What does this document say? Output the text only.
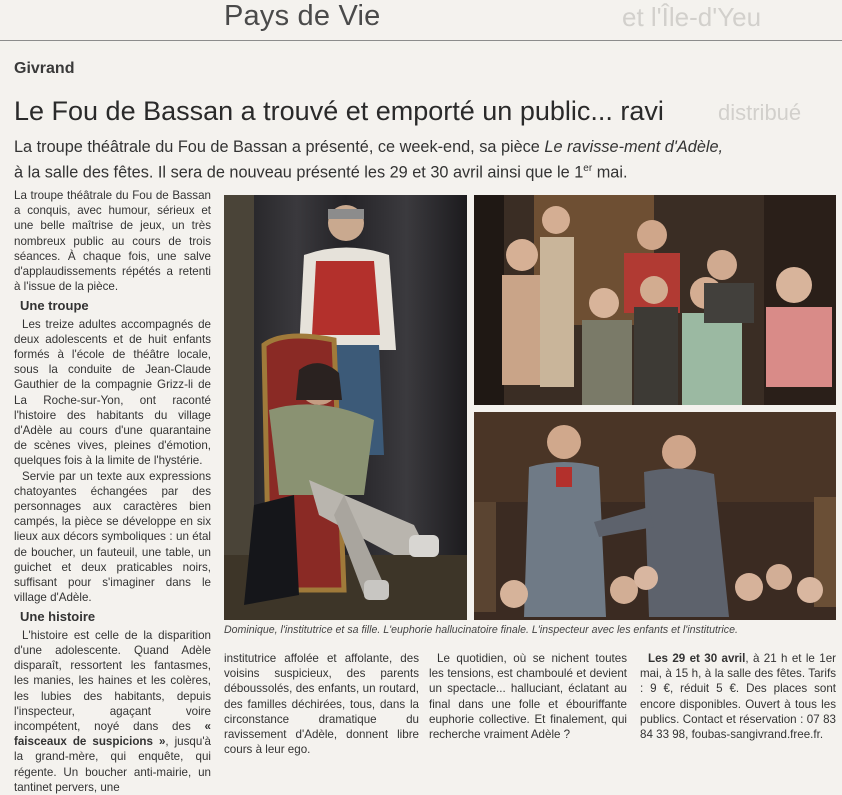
et l'Île-d'Yeu
distribué
Pays de Vie
Givrand
Le Fou de Bassan a trouvé et emporté un public... ravi
La troupe théâtrale du Fou de Bassan a présenté, ce week-end, sa pièce Le ravisse-ment d'Adèle, à la salle des fêtes. Il sera de nouveau présenté les 29 et 30 avril ainsi que le 1er mai.

La troupe théâtrale du Fou de Bassan a conquis, avec humour, sérieux et une belle maîtrise de jeux, un très nombreux public au cours de trois séances. À chaque fois, une salve d'applaudissements répétés a retenti à l'issue de la pièce.

Une troupe

Les treize adultes accompagnés de deux adolescents et de huit enfants formés à l'école de théâtre locale, sous la conduite de Jean-Claude Gauthier de la compagnie Grizz-li de La Roche-sur-Yon, ont raconté l'histoire des habitants du village d'Adèle au cours d'une quarantaine de scènes vives, pleines d'émotion, quelques fois à la limite de l'hystérie.

Servie par un texte aux expressions chatoyantes échangées par des personnages aux caractères bien campés, la pièce se développe en six lieux aux décors symboliques : un étal de boucher, un fauteuil, une table, un guichet et deux praticables noirs, suffisant pour s'imaginer dans le village d'Adèle.

Une histoire

L'histoire est celle de la disparition d'une adolescente. Quand Adèle disparaît, ressortent les fantasmes, les manies, les haines et les colères, les lubies des habitants, depuis l'inspecteur, agaçant voire incompétent, noyé dans des « faisceaux de suspicions », jusqu'à la grand-mère, qui enquête, qui régente. Un boucher anti-mairie, un tantinet pervers, une

Dominique, l'institutrice et sa fille. L'euphorie hallucinatoire finale. L'inspecteur avec les enfants et l'institutrice.

institutrice affolée et affolante, des voisins suspicieux, des parents déboussolés, des enfants, un routard, des familles déchirées, tous, dans la circonstance dramatique du ravissement d'Adèle, donnent libre cours à leur ego.

Le quotidien, où se nichent toutes les tensions, est chamboulé et devient un spectacle... halluciant, éclatant au final dans une folle et ébouriffante euphorie collective. Et finalement, qui recherche vraiment Adèle ?

Les 29 et 30 avril, à 21 h et le 1er mai, à 15 h, à la salle des fêtes. Tarifs : 9 €, réduit 5 €. Des places sont encore disponibles. Ouvert à tous les publics. Contact et réservation : 07 83 84 33 98, foubas-sangivrand.free.fr.
